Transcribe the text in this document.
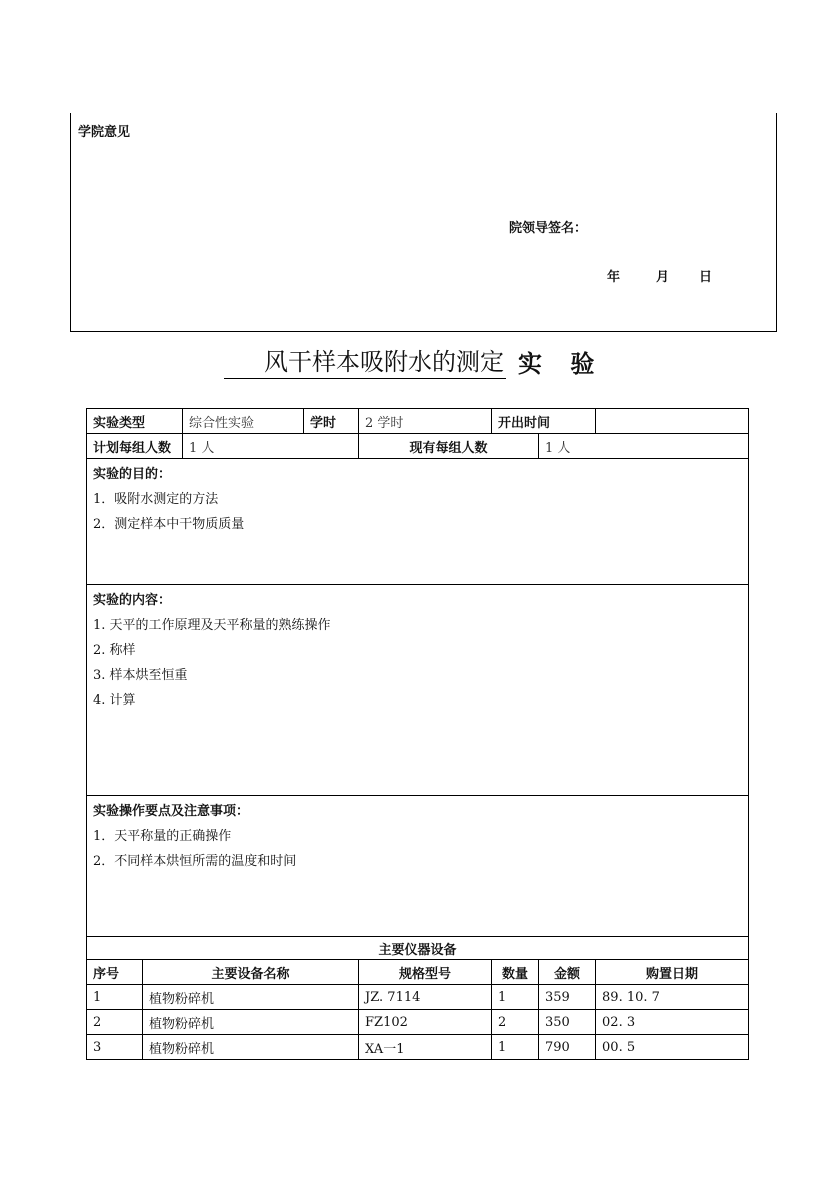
学院意见
院领导签名：
年	月 日
风干样本吸附水的测定 实 验
实验类型		综合性实验	学时	2 学时	开出时间		
计划每组人数		1 人		现有每组人数		1 人	

实验的目的：
1．吸附水测定的方法
2．测定样本中干物质质量							

实验的内容：
1. 天平的工作原理及天平称量的熟练操作
2. 称样
3. 样本烘至恒重
4. 计算							

实验操作要点及注意事项：
1．天平称量的正确操作
2．不同样本烘恒所需的温度和时间							

主要仪器设备							
序号	主要设备名称			规格型号	数量	金额	购置日期
1	植物粉碎机			JZ. 7114	1	359	89. 10. 7
2	植物粉碎机			FZ102	2	350	02. 3
3	植物粉碎机			XA一1	1	790	00. 5
